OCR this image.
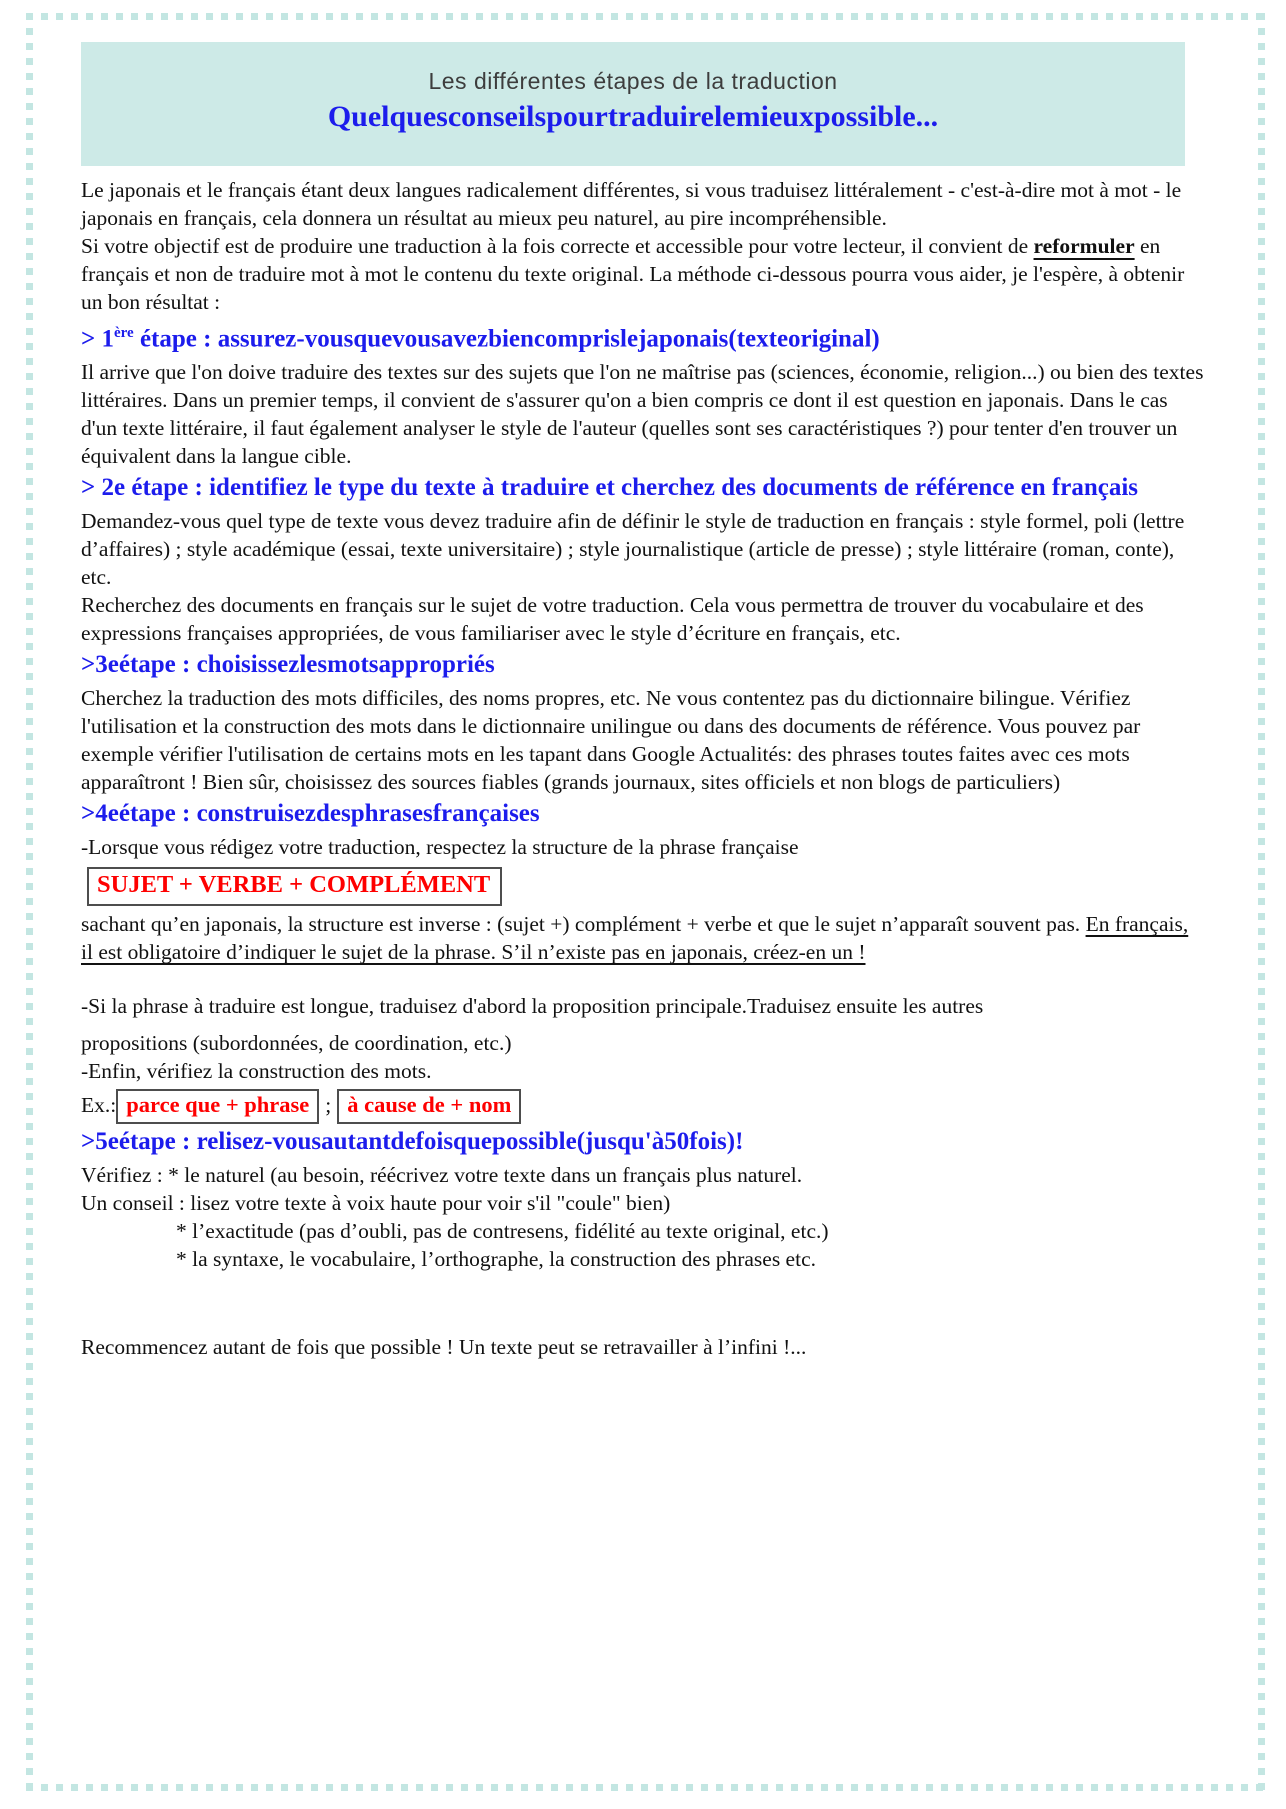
Les différentes étapes de la traduction
Quelquesconseilspourtraduirelemieuxpossible...
Le japonais et le français étant deux langues radicalement différentes, si vous traduisez littéralement - c'est-à-dire mot à mot - le japonais en français, cela donnera un résultat au mieux peu naturel, au pire incompréhensible.
Si votre objectif est de produire une traduction à la fois correcte et accessible pour votre lecteur, il convient de reformuler en français et non de traduire mot à mot le contenu du texte original. La méthode ci-dessous pourra vous aider, je l'espère, à obtenir un bon résultat :
> 1ère étape : assurez-vousquevousavezbiencomprislejaponais(texteoriginal)
Il arrive que l'on doive traduire des textes sur des sujets que l'on ne maîtrise pas (sciences, économie, religion...) ou bien des textes littéraires. Dans un premier temps, il convient de s'assurer qu'on a bien compris ce dont il est question en japonais. Dans le cas d'un texte littéraire, il faut également analyser le style de l'auteur (quelles sont ses caractéristiques ?) pour tenter d'en trouver un équivalent dans la langue cible.
> 2e étape : identifiez le type du texte à traduire et cherchez des documents de référence en français
Demandez-vous quel type de texte vous devez traduire afin de définir le style de traduction en français : style formel, poli (lettre d’affaires) ; style académique (essai, texte universitaire) ; style journalistique (article de presse) ; style littéraire (roman, conte), etc.
Recherchez des documents en français sur le sujet de votre traduction. Cela vous permettra de trouver du vocabulaire et des expressions françaises appropriées, de vous familiariser avec le style d’écriture en français, etc.
>3eétape : choisissezlesmotsappropriés
Cherchez la traduction des mots difficiles, des noms propres, etc. Ne vous contentez pas du dictionnaire bilingue. Vérifiez l'utilisation et la construction des mots dans le dictionnaire unilingue ou dans des documents de référence. Vous pouvez par exemple vérifier l'utilisation de certains mots en les tapant dans Google Actualités: des phrases toutes faites avec ces mots apparaîtront ! Bien sûr, choisissez des sources fiables (grands journaux, sites officiels et non blogs de particuliers)
>4eétape : construisezdesphrasesfrançaises
-Lorsque vous rédigez votre traduction, respectez la structure de la phrase française
SUJET + VERBE + COMPLÉMENT
sachant qu’en japonais, la structure est inverse : (sujet +) complément + verbe et que le sujet n’apparaît souvent pas. En français, il est obligatoire d’indiquer le sujet de la phrase. S’il n’existe pas en japonais, créez-en un !
-Si la phrase à traduire est longue, traduisez d'abord la proposition principale.Traduisez ensuite les autres
propositions (subordonnées, de coordination, etc.)
-Enfin, vérifiez la construction des mots.
Ex.: parce que + phrase ; à cause de + nom
>5eétape : relisez-vousautantdefoisquepossible(jusqu'à50fois)!
Vérifiez : * le naturel (au besoin, réécrivez votre texte dans un français plus naturel.
Un conseil : lisez votre texte à voix haute pour voir s'il "coule" bien)
* l’exactitude (pas d’oubli, pas de contresens, fidélité au texte original, etc.)
* la syntaxe, le vocabulaire, l’orthographe, la construction des phrases etc.
Recommencez autant de fois que possible ! Un texte peut se retravailler à l’infini !...
